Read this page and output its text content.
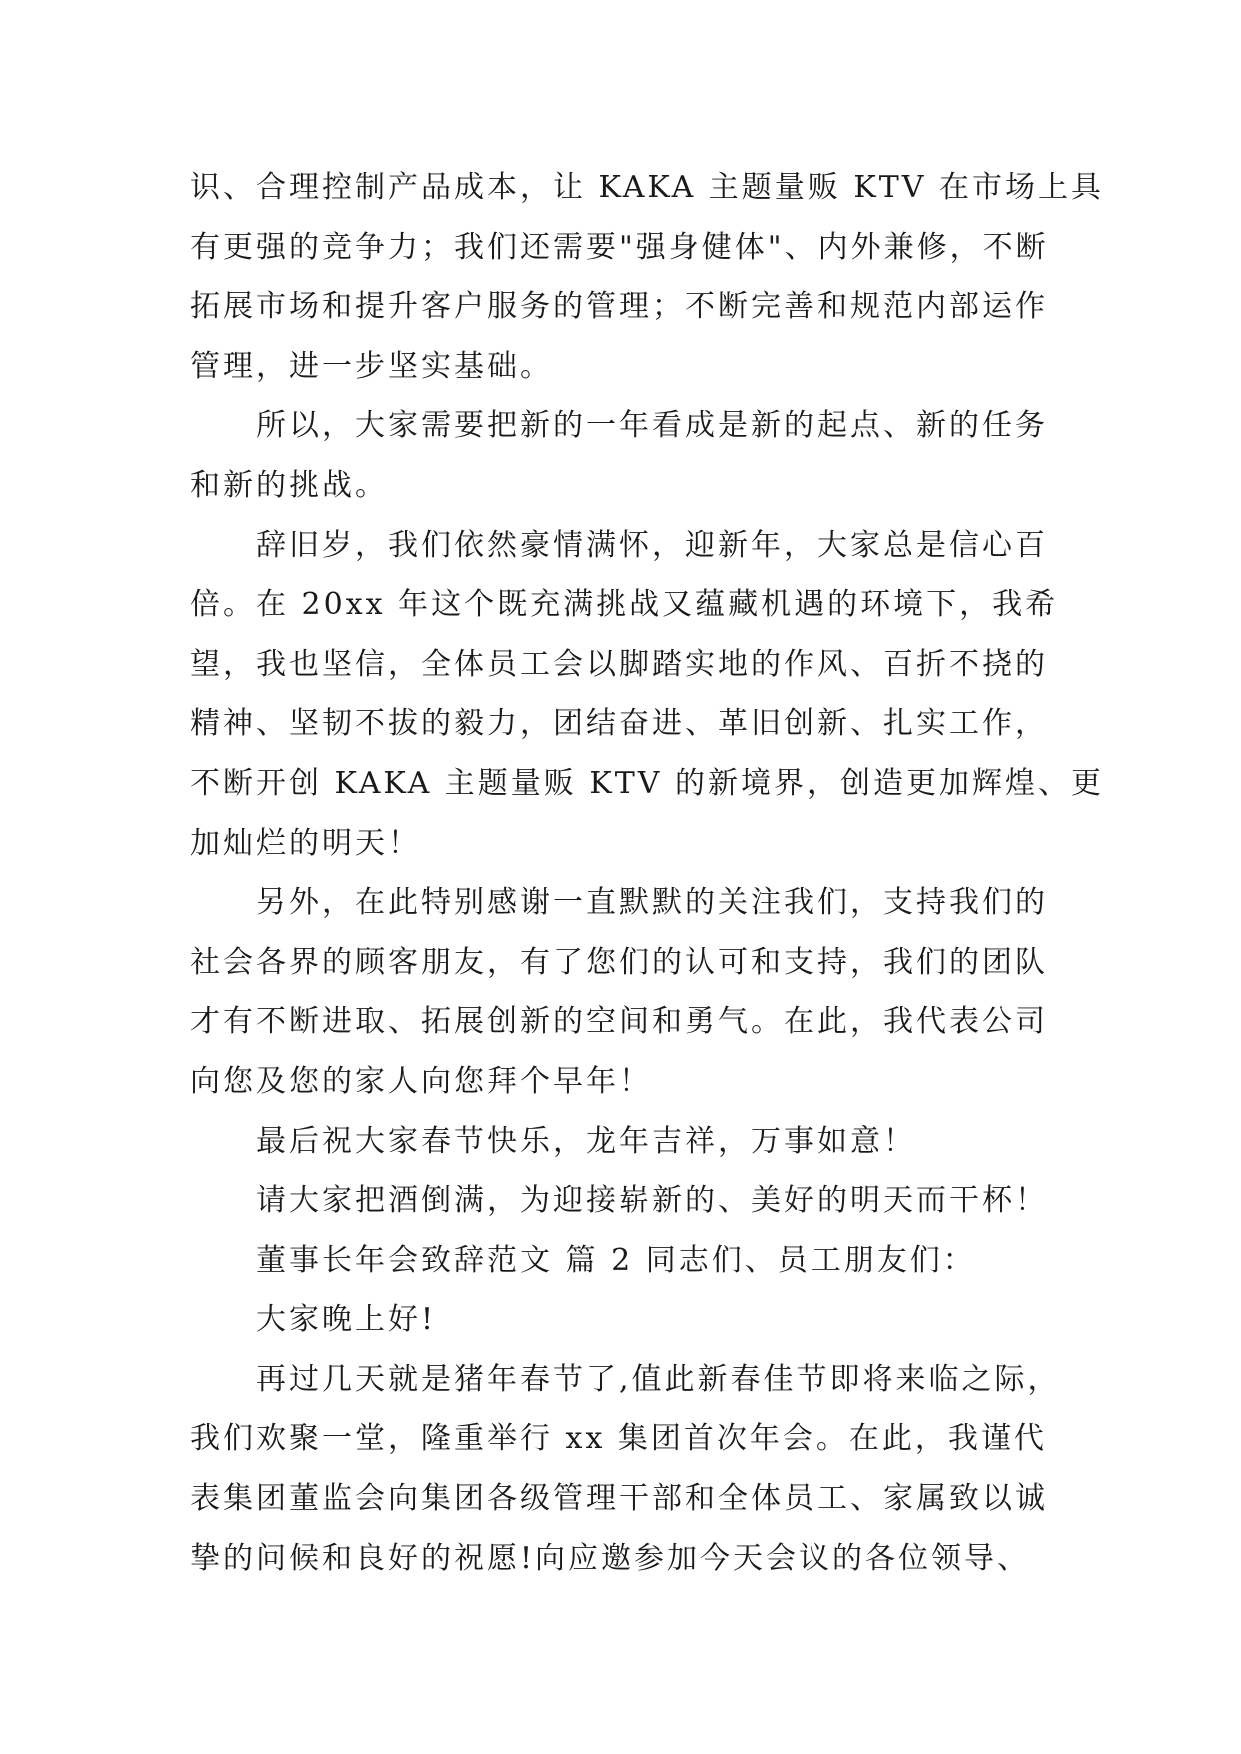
识、合理控制产品成本，让 KAKA 主题量贩 KTV 在市场上具
有更强的竞争力；我们还需要"强身健体"、内外兼修，不断
拓展市场和提升客户服务的管理；不断完善和规范内部运作
管理，进一步坚实基础。
所以，大家需要把新的一年看成是新的起点、新的任务
和新的挑战。
辞旧岁，我们依然豪情满怀，迎新年，大家总是信心百
倍。在 20xx 年这个既充满挑战又蕴藏机遇的环境下，我希
望，我也坚信，全体员工会以脚踏实地的作风、百折不挠的
精神、坚韧不拔的毅力，团结奋进、革旧创新、扎实工作，
不断开创 KAKA 主题量贩 KTV 的新境界，创造更加辉煌、更
加灿烂的明天！
另外，在此特别感谢一直默默的关注我们，支持我们的
社会各界的顾客朋友，有了您们的认可和支持，我们的团队
才有不断进取、拓展创新的空间和勇气。在此，我代表公司
向您及您的家人向您拜个早年！
最后祝大家春节快乐，龙年吉祥，万事如意！
请大家把酒倒满，为迎接崭新的、美好的明天而干杯！
董事长年会致辞范文 篇 2 同志们、员工朋友们：
大家晚上好!
再过几天就是猪年春节了,值此新春佳节即将来临之际，
我们欢聚一堂，隆重举行 xx 集团首次年会。在此，我谨代
表集团董监会向集团各级管理干部和全体员工、家属致以诚
挚的问候和良好的祝愿!向应邀参加今天会议的各位领导、
